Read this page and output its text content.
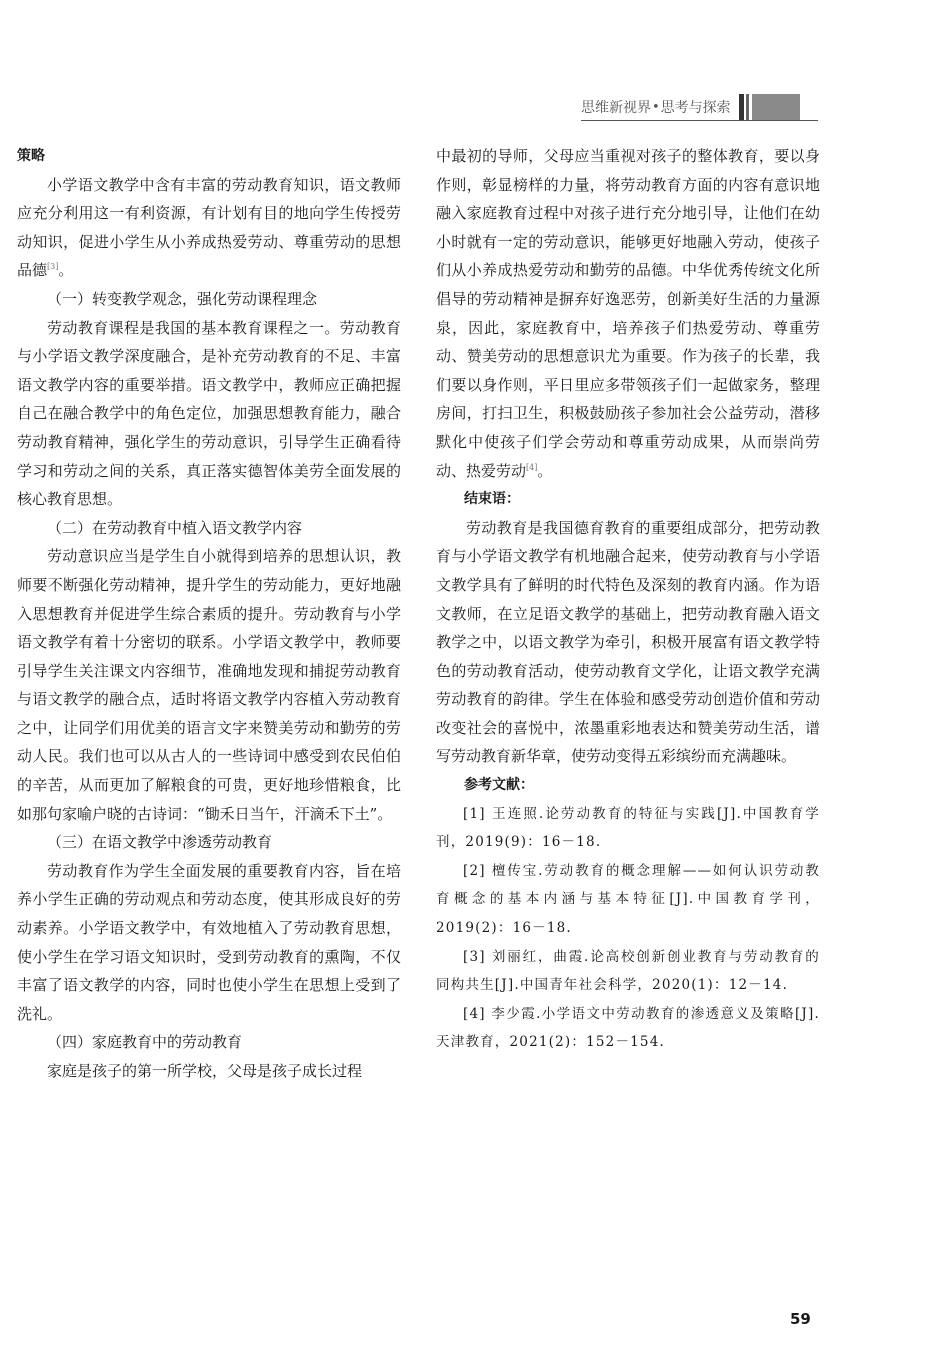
思维新视界 • 思考与探索

策略

小学语文教学中含有丰富的劳动教育知识，语文教师应充分利用这一有利资源，有计划有目的地向学生传授劳动知识，促进小学生从小养成热爱劳动、尊重劳动的思想品德[3]。

（一）转变教学观念，强化劳动课程理念

劳动教育课程是我国的基本教育课程之一。劳动教育与小学语文教学深度融合，是补充劳动教育的不足、丰富语文教学内容的重要举措。语文教学中，教师应正确把握自己在融合教学中的角色定位，加强思想教育能力，融合劳动教育精神，强化学生的劳动意识，引导学生正确看待学习和劳动之间的关系，真正落实德智体美劳全面发展的核心教育思想。

（二）在劳动教育中植入语文教学内容

劳动意识应当是学生自小就得到培养的思想认识，教师要不断强化劳动精神，提升学生的劳动能力，更好地融入思想教育并促进学生综合素质的提升。劳动教育与小学语文教学有着十分密切的联系。小学语文教学中，教师要引导学生关注课文内容细节，准确地发现和捕捉劳动教育与语文教学的融合点，适时将语文教学内容植入劳动教育之中，让同学们用优美的语言文字来赞美劳动和勤劳的劳动人民。我们也可以从古人的一些诗词中感受到农民伯伯的辛苦，从而更加了解粮食的可贵，更好地珍惜粮食，比如那句家喻户晓的古诗词：“锄禾日当午，汗滴禾下土”。

（三）在语文教学中渗透劳动教育

劳动教育作为学生全面发展的重要教育内容，旨在培养小学生正确的劳动观点和劳动态度，使其形成良好的劳动素养。小学语文教学中，有效地植入了劳动教育思想，使小学生在学习语文知识时，受到劳动教育的熏陶，不仅丰富了语文教学的内容，同时也使小学生在思想上受到了洗礼。

（四）家庭教育中的劳动教育

家庭是孩子的第一所学校，父母是孩子成长过程

中最初的导师，父母应当重视对孩子的整体教育，要以身作则，彰显榜样的力量，将劳动教育方面的内容有意识地融入家庭教育过程中对孩子进行充分地引导，让他们在幼小时就有一定的劳动意识，能够更好地融入劳动，使孩子们从小养成热爱劳动和勤劳的品德。中华优秀传统文化所倡导的劳动精神是摒弃好逸恶劳，创新美好生活的力量源泉，因此，家庭教育中，培养孩子们热爱劳动、尊重劳动、赞美劳动的思想意识尤为重要。作为孩子的长辈，我们要以身作则，平日里应多带领孩子们一起做家务，整理房间，打扫卫生，积极鼓励孩子参加社会公益劳动，潜移默化中使孩子们学会劳动和尊重劳动成果，从而崇尚劳动、热爱劳动[4]。

结束语：

劳动教育是我国德育教育的重要组成部分，把劳动教育与小学语文教学有机地融合起来，使劳动教育与小学语文教学具有了鲜明的时代特色及深刻的教育内涵。作为语文教师，在立足语文教学的基础上，把劳动教育融入语文教学之中，以语文教学为牵引，积极开展富有语文教学特色的劳动教育活动，使劳动教育文学化，让语文教学充满劳动教育的韵律。学生在体验和感受劳动创造价值和劳动改变社会的喜悦中，浓墨重彩地表达和赞美劳动生活，谱写劳动教育新华章，使劳动变得五彩缤纷而充满趣味。

参考文献：

[1] 王连照.论劳动教育的特征与实践[J].中国教育学刊，2019(9)：16－18.

[2] 檀传宝.劳动教育的概念理解——如何认识劳动教育概念的基本内涵与基本特征[J].中国教育学刊，2019(2)：16－18.

[3] 刘丽红，曲霞.论高校创新创业教育与劳动教育的同构共生[J].中国青年社会科学，2020(1)：12－14.

[4] 李少霞.小学语文中劳动教育的渗透意义及策略[J].天津教育，2021(2)：152－154.

59
